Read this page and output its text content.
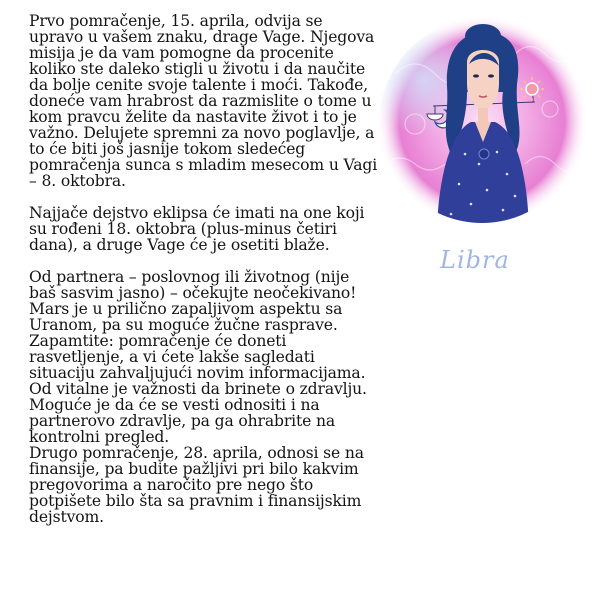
Prvo pomračenje, 15. aprila, odvija se upravo u vašem znaku, drage Vage. Njegova misija je da vam pomogne da procenite koliko ste daleko stigli u životu i da naučite da bolje cenite svoje talente i moći. Takođe, doneće vam hrabrost da razmislite o tome u kom pravcu želite da nastavite život i to je važno. Delujete spremni za novo poglavlje, a to će biti još jasnije tokom sledećeg pomračenja sunca s mladim mesecom u Vagi – 8. oktobra.

Najjače dejstvo eklipsa će imati na one koji su rođeni 18. oktobra (plus-minus četiri dana), a druge Vage će je osetiti blaže.

Od partnera – poslovnog ili životnog (nije baš sasvim jasno) – očekujte neočekivano! Mars je u prilično zapaljivom aspektu sa Uranom, pa su moguće žučne rasprave. Zapamtite: pomračenje će doneti rasvetljenje, a vi ćete lakše sagledati situaciju zahvaljujući novim informacijama.

Od vitalne je važnosti da brinete o zdravlju. Moguće je da će se vesti odnositi i na partnerovo zdravlje, pa ga ohrabrite na kontrolni pregled.

Drugo pomračenje, 28. aprila, odnosi se na finansije, pa budite pažljivi pri bilo kakvim pregovorima a naročito pre nego što potpišete bilo šta sa pravnim i finansijskim dejstvom.

Libra
